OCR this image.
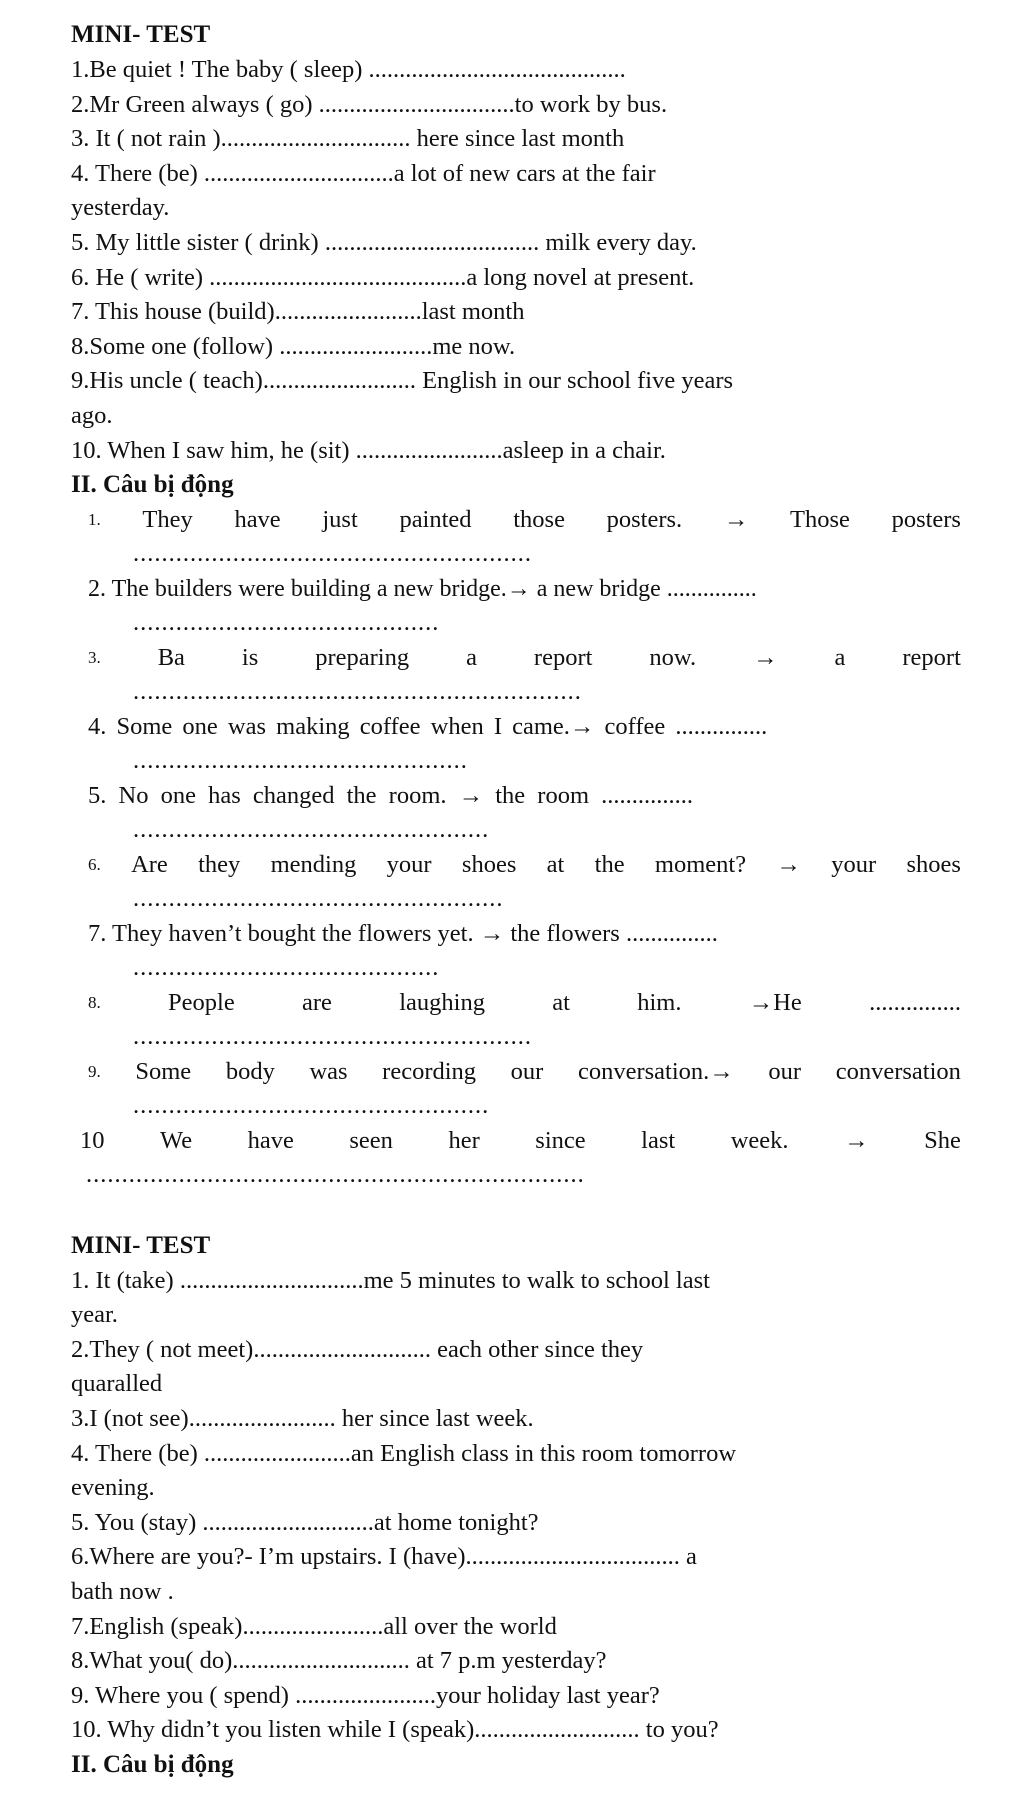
MINI- TEST
1.Be quiet ! The baby ( sleep) ..........................................
2.Mr Green always ( go) ................................to work by bus.
3. It ( not rain )............................... here since last month
4. There (be) ...............................a lot of new cars at the fair
yesterday.
5. My little sister ( drink) ................................... milk every day.
6. He ( write) ..........................................a long novel at present.
7. This house (build)........................last month
8.Some one (follow) .........................me now.
9.His uncle ( teach)......................... English in our school five years
ago.
10. When I saw him, he (sit) ........................asleep in a chair.
II. Câu bị động
1. They have just painted those posters. → Those posters
........................................................
2. The builders were building a new bridge.→ a new bridge ...............
...........................................
3. Ba is preparing a report now. → a report
...............................................................
4. Some one was making coffee when I came.→ coffee ...............
...............................................
5. No one has changed the room. → the room ...............
..................................................
6. Are they mending your shoes at the moment? → your shoes
....................................................
7. They haven’t bought the flowers yet. → the flowers ...............
...........................................
8.	People	are	laughing	at	him.	→He	...............
........................................................
9. Some body was recording our conversation.→ our conversation
..................................................
10 We have seen her since last week. → She
......................................................................
MINI- TEST
1. It (take) ..............................me 5 minutes to walk to school last
year.
2.They ( not meet)............................. each other since they
quaralled
3.I (not see)........................ her since last week.
4. There (be) ........................an English class in this room tomorrow
evening.
5. You (stay) ............................at home tonight?
6.Where are you?- I’m upstairs. I (have)................................... a
bath now .
7.English (speak).......................all over the world
8.What you( do)............................. at 7 p.m yesterday?
9. Where you ( spend) .......................your holiday last year?
10. Why didn’t you listen while I (speak)........................... to you?
II. Câu bị động
